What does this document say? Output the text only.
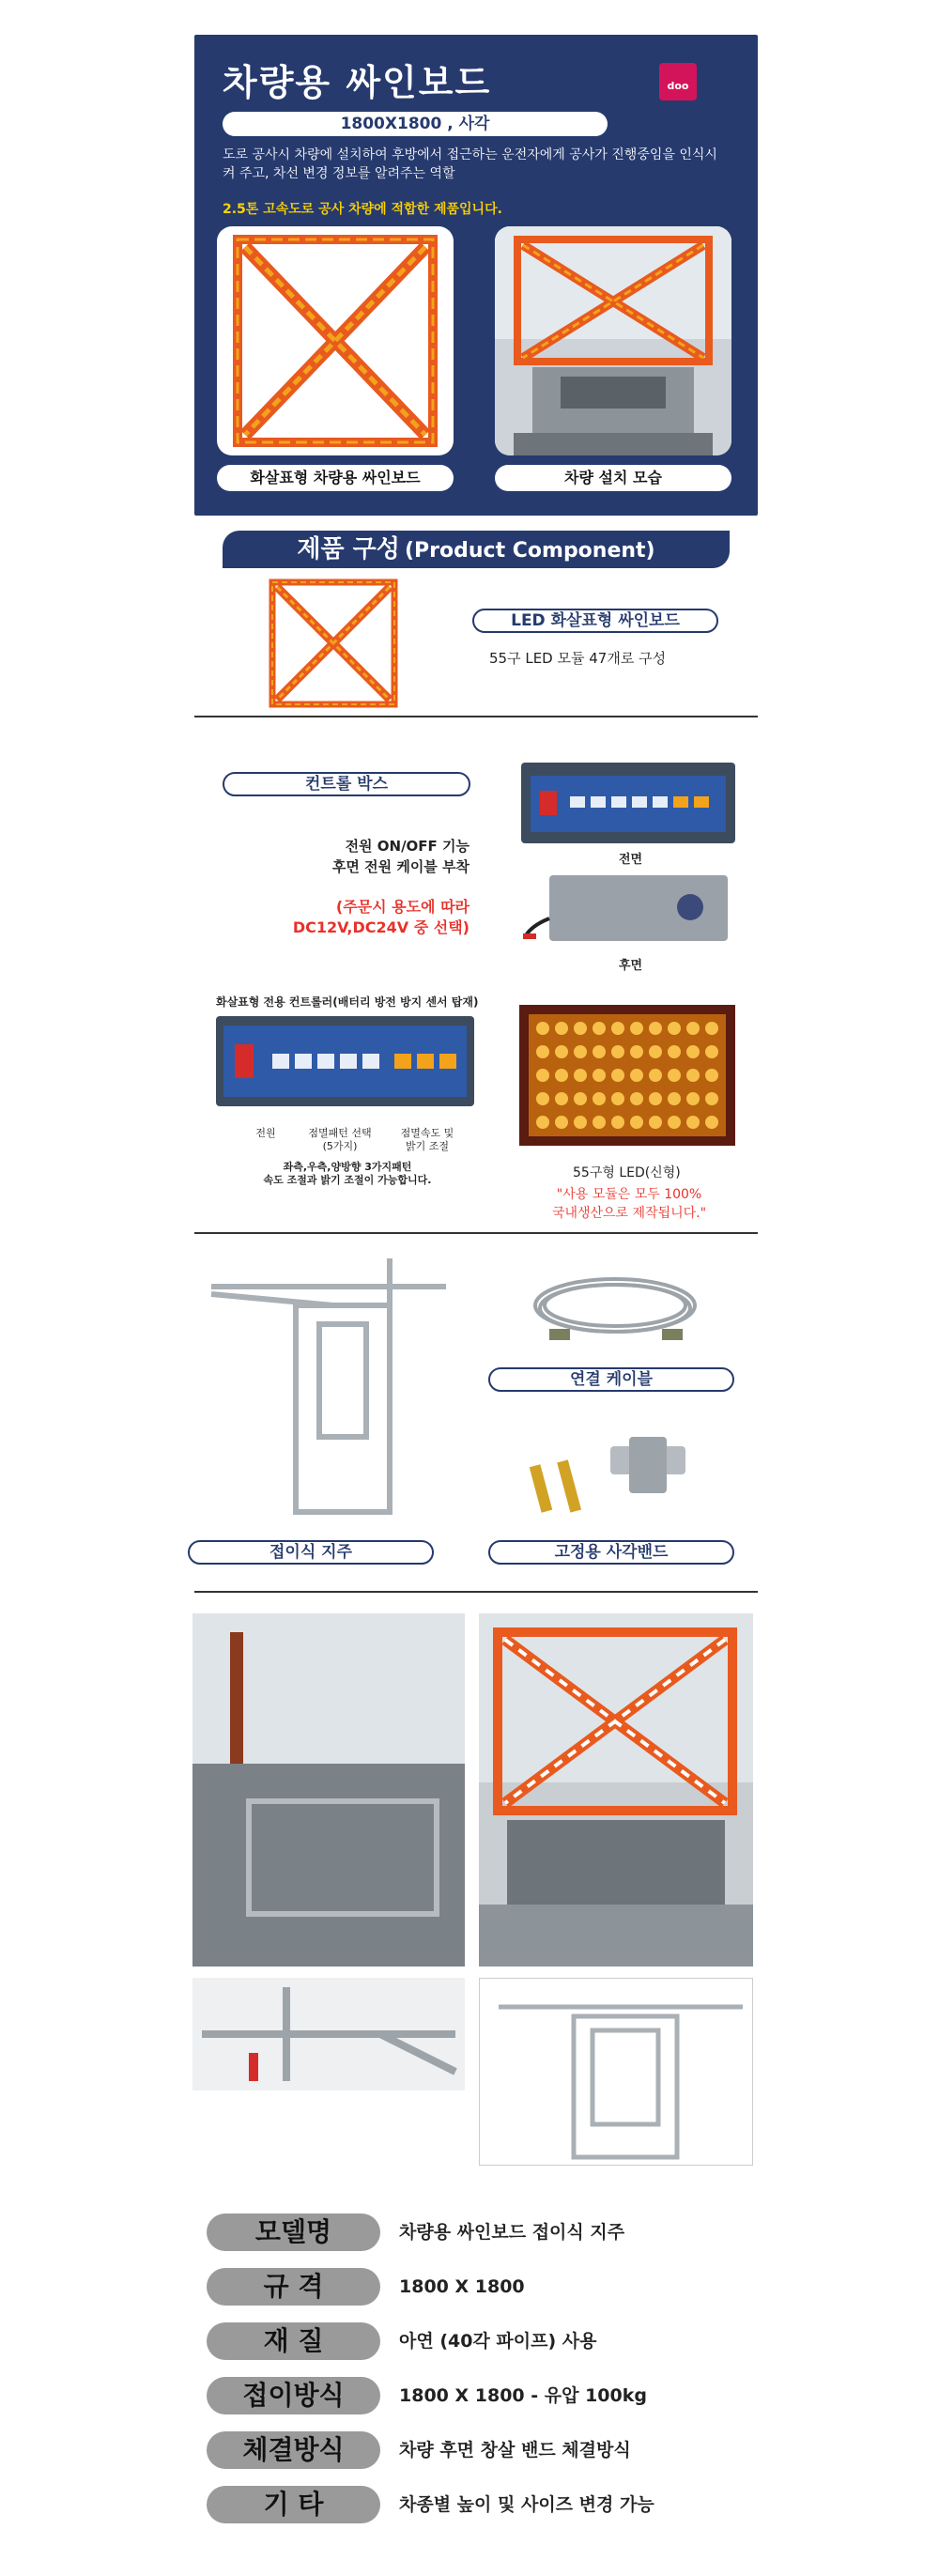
차량용 싸인보드	doo
1800X1800 , 사각
도로 공사시 차량에 설치하여 후방에서 접근하는 운전자에게 공사가 진행중임을 인식시켜 주고, 차선 변경 정보를 알려주는 역할
2.5톤 고속도로 공사 차량에 적합한 제품입니다.
화살표형 차량용 싸인보드	차량 설치 모습
제품 구성 (Product Component)
LED 화살표형 싸인보드
55구 LED 모듈 47개로 구성
컨트롤 박스
전원 ON/OFF 기능
후면 전원 케이블 부착
(주문시 용도에 따라
DC12V,DC24V 중 선택)
전면
후면
화살표형 전용 컨트롤러(배터리 방전 방지 센서 탑재)
전원	점멸패턴 선택
(5가지)
점멸속도 및
밝기 조절
좌측,우측,양방향 3가지패턴
속도 조절과 밝기 조절이 가능합니다.	55구형 LED(신형)
"사용 모듈은 모두 100%
국내생산으로 제작됩니다."
접이식 지주
연결 케이블
고정용 사각밴드
모델명	차량용 싸인보드 접이식 지주
규 격	1800 X 1800
재 질	아연 (40각 파이프) 사용
접이방식	1800 X 1800 - 유압 100kg
체결방식	차량 후면 창살 밴드 체결방식
기 타	차종별 높이 및 사이즈 변경 가능
